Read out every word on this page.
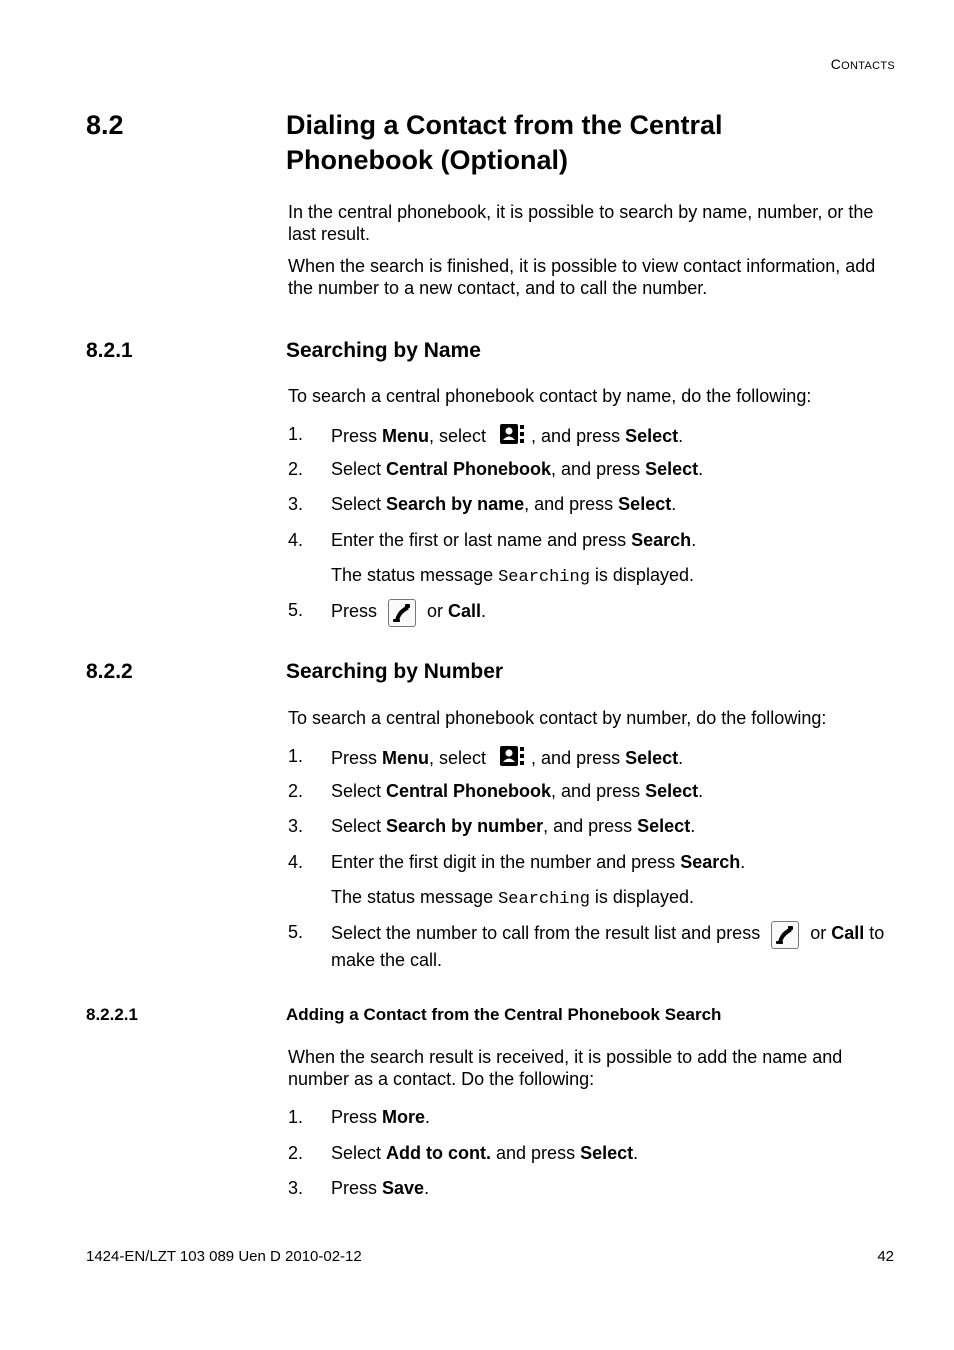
CONTACTS
8.2	Dialing a Contact from the Central
Phonebook (Optional)

In the central phonebook, it is possible to search by name, number, or the last result.

When the search is finished, it is possible to view contact information, add the number to a new contact, and to call the number.

8.2.1	Searching by Name

To search a central phonebook contact by name, do the following:

1. Press Menu, select , and press Select.
2. Select Central Phonebook, and press Select.
3. Select Search by name, and press Select.
4. Enter the first or last name and press Search.
The status message Searching is displayed.
5. Press  or Call.
8.2.2	Searching by Number

To search a central phonebook contact by number, do the following:

1. Press Menu, select , and press Select.
2. Select Central Phonebook, and press Select.
3. Select Search by number, and press Select.
4. Enter the first digit in the number and press Search.
The status message Searching is displayed.
5. Select the number to call from the result list and press  or Call to make the call.
8.2.2.1	Adding a Contact from the Central Phonebook Search

When the search result is received, it is possible to add the name and number as a contact. Do the following:

1. Press More.
2. Select Add to cont. and press Select.
3. Press Save.
1424-EN/LZT 103 089 Uen D 2010-02-12	42
